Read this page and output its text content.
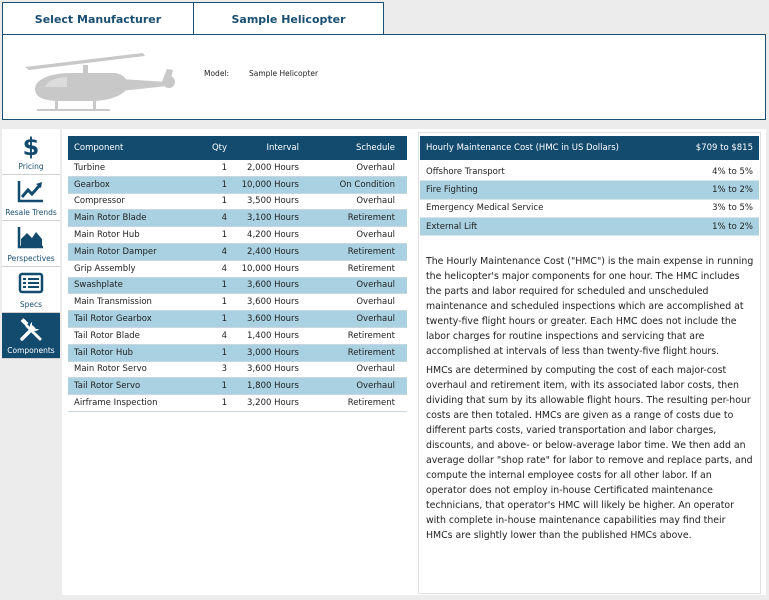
Select Manufacturer	Sample Helicopter
Model:	Sample Helicopter
$
Pricing
Resale Trends
Perspectives
Specs
Components
Component	Qty	Interval	Schedule
Turbine	1	2,000 Hours	Overhaul
Gearbox	1	10,000 Hours	On Condition
Compressor	1	3,500 Hours	Overhaul
Main Rotor Blade	4	3,100 Hours	Retirement
Main Rotor Hub	1	4,200 Hours	Overhaul
Main Rotor Damper	4	2,400 Hours	Retirement
Grip Assembly	4	10,000 Hours	Retirement
Swashplate	1	3,600 Hours	Overhaul
Main Transmission	1	3,600 Hours	Overhaul
Tail Rotor Gearbox	1	3,600 Hours	Overhaul
Tail Rotor Blade	4	1,400 Hours	Retirement
Tail Rotor Hub	1	3,000 Hours	Retirement
Main Rotor Servo	3	3,600 Hours	Overhaul
Tail Rotor Servo	1	1,800 Hours	Overhaul
Airframe Inspection	1	3,200 Hours	Retirement
Hourly Maintenance Cost (HMC in US Dollars)	$709 to $815
Offshore Transport	4% to 5%
Fire Fighting	1% to 2%
Emergency Medical Service	3% to 5%
External Lift	1% to 2%

The Hourly Maintenance Cost ("HMC") is the main expense in running the helicopter's major components for one hour. The HMC includes the parts and labor required for scheduled and unscheduled maintenance and scheduled inspections which are accomplished at twenty-five flight hours or greater. Each HMC does not include the labor charges for routine inspections and servicing that are accomplished at intervals of less than twenty-five flight hours.

HMCs are determined by computing the cost of each major-cost overhaul and retirement item, with its associated labor costs, then dividing that sum by its allowable flight hours. The resulting per-hour costs are then totaled. HMCs are given as a range of costs due to different parts costs, varied transportation and labor charges, discounts, and above- or below-average labor time. We then add an average dollar "shop rate" for labor to remove and replace parts, and compute the internal employee costs for all other labor. If an operator does not employ in-house Certificated maintenance technicians, that operator's HMC will likely be higher. An operator with complete in-house maintenance capabilities may find their HMCs are slightly lower than the published HMCs above.
